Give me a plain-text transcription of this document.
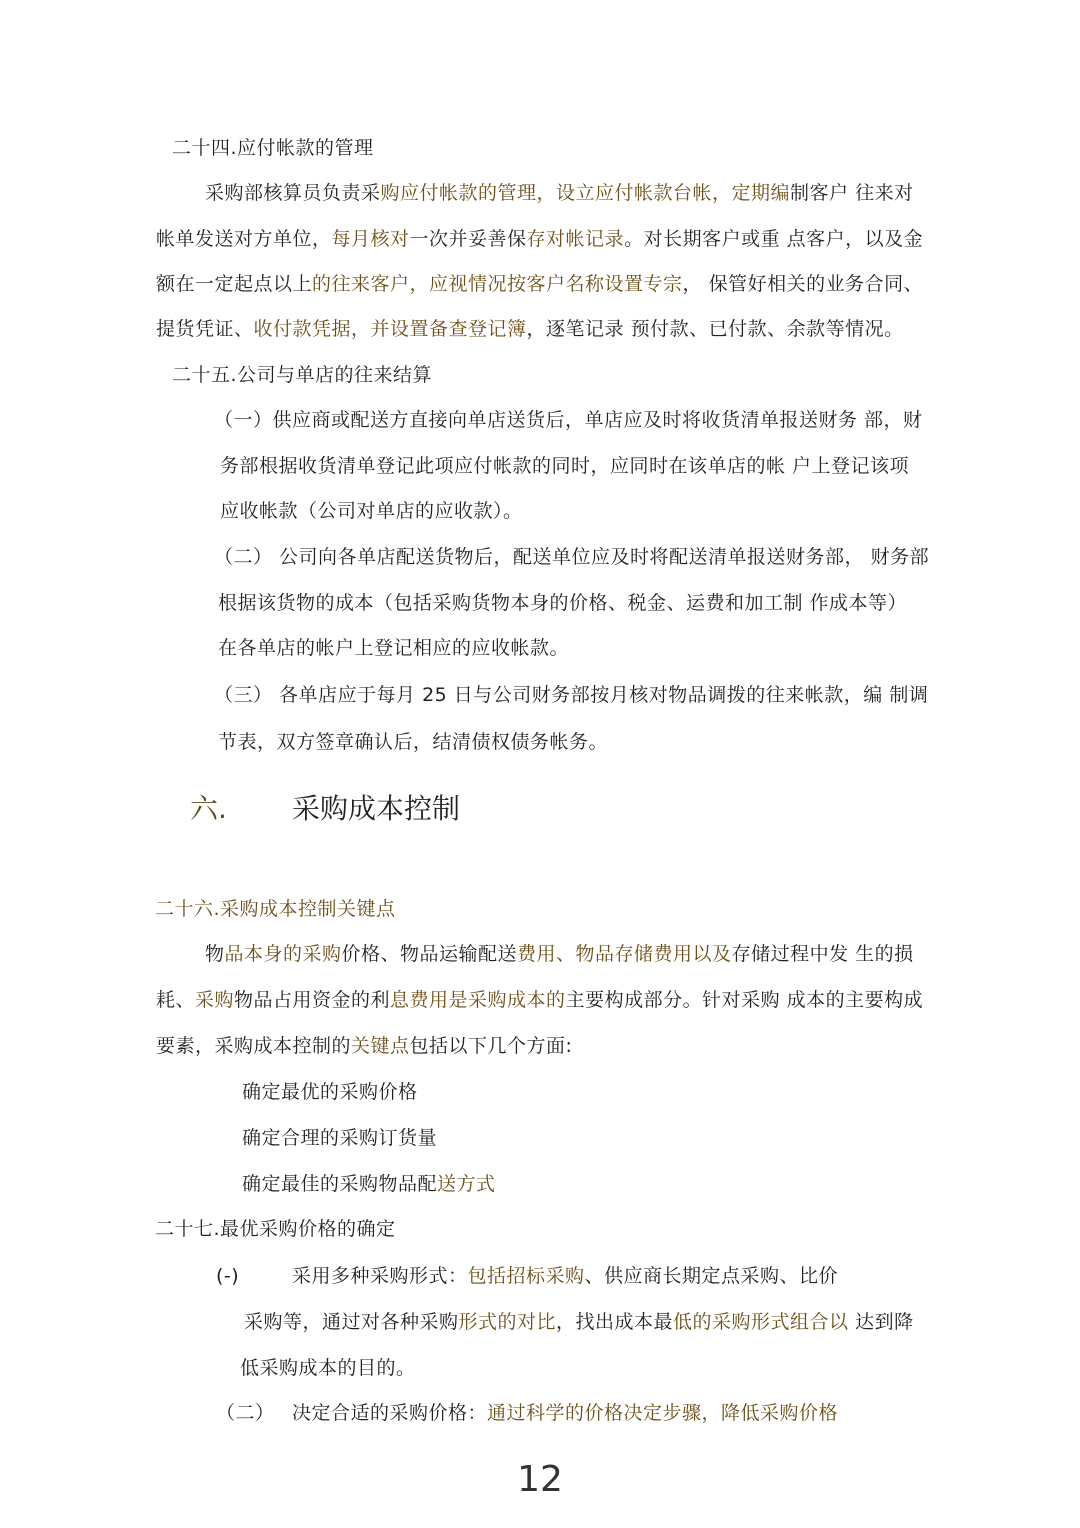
二十四.应付帐款的管理
采购部核算员负责采购应付帐款的管理，设立应付帐款台帐，定期编制客户 往来对
帐单发送对方单位，每月核对一次并妥善保存对帐记录。对长期客户或重 点客户，以及金
额在一定起点以上的往来客户，应视情况按客户名称设置专宗， 保管好相关的业务合同、
提货凭证、收付款凭据，并设置备查登记簿，逐笔记录 预付款、已付款、余款等情况。
二十五.公司与单店的往来结算
（一）供应商或配送方直接向单店送货后，单店应及时将收货清单报送财务 部，财
务部根据收货清单登记此项应付帐款的同时，应同时在该单店的帐 户上登记该项
应收帐款（公司对单店的应收款）。
（二） 公司向各单店配送货物后，配送单位应及时将配送清单报送财务部， 财务部
根据该货物的成本（包括采购货物本身的价格、税金、运费和加工制 作成本等）
在各单店的帐户上登记相应的应收帐款。
（三） 各单店应于每月 25 日与公司财务部按月核对物品调拨的往来帐款，编 制调
节表，双方签章确认后，结清债权债务帐务。
六. 采购成本控制
二十六.采购成本控制关键点
物品本身的采购价格、物品运输配送费用、物品存储费用以及存储过程中发 生的损
耗、采购物品占用资金的利息费用是采购成本的主要构成部分。针对采购 成本的主要构成
要素，采购成本控制的关键点包括以下几个方面:
确定最优的采购价格
确定合理的采购订货量
确定最佳的采购物品配送方式
二十七.最优采购价格的确定
(-)	采用多种采购形式：包括招标采购、供应商长期定点采购、比价
采购等，通过对各种采购形式的对比，找出成本最低的采购形式组合以 达到降
低采购成本的目的。
（二） 决定合适的采购价格：通过科学的价格决定步骤，降低采购价格
12
